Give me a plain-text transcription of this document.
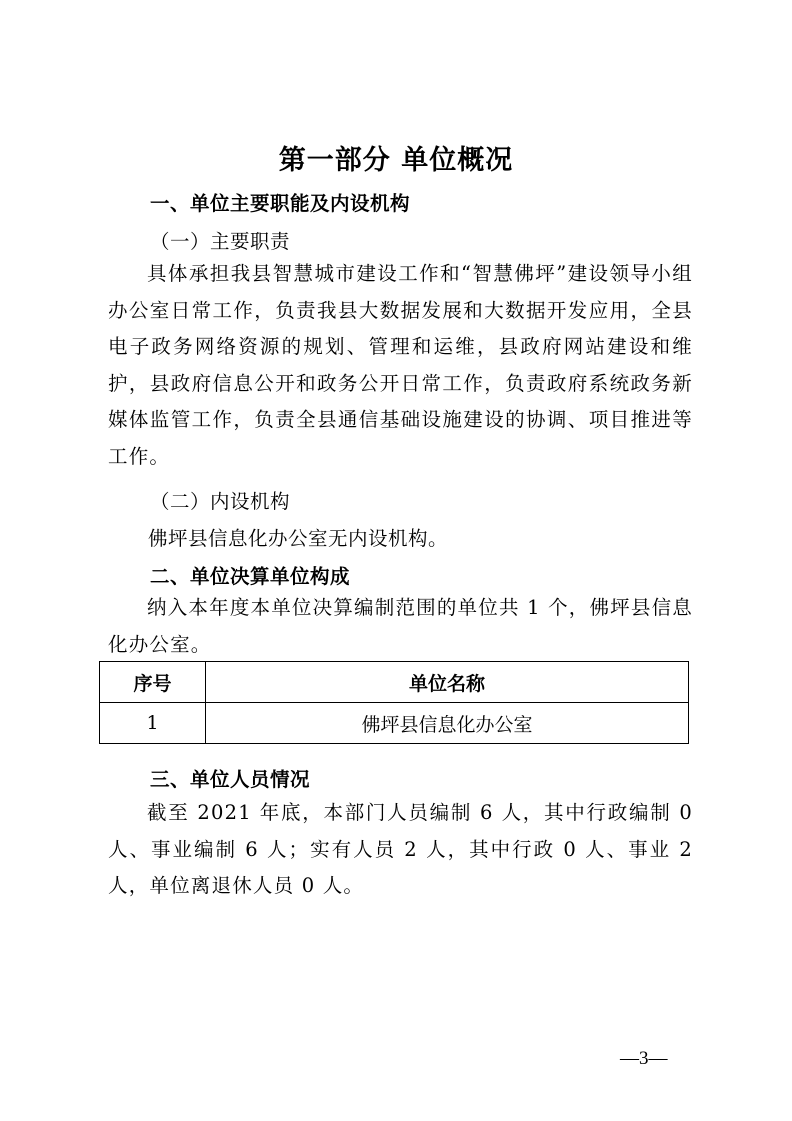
第一部分 单位概况
一、单位主要职能及内设机构
（一）主要职责
具体承担我县智慧城市建设工作和“智慧佛坪”建设领导小组办公室日常工作，负责我县大数据发展和大数据开发应用，全县电子政务网络资源的规划、管理和运维，县政府网站建设和维护，县政府信息公开和政务公开日常工作，负责政府系统政务新媒体监管工作，负责全县通信基础设施建设的协调、项目推进等工作。
（二）内设机构
佛坪县信息化办公室无内设机构。
二、单位决算单位构成
纳入本年度本单位决算编制范围的单位共 1 个，佛坪县信息化办公室。
序号	单位名称
1	佛坪县信息化办公室
三、单位人员情况
截至 2021 年底，本部门人员编制 6 人，其中行政编制 0 人、事业编制 6 人；实有人员 2 人，其中行政 0 人、事业 2 人，单位离退休人员 0 人。
—3—
